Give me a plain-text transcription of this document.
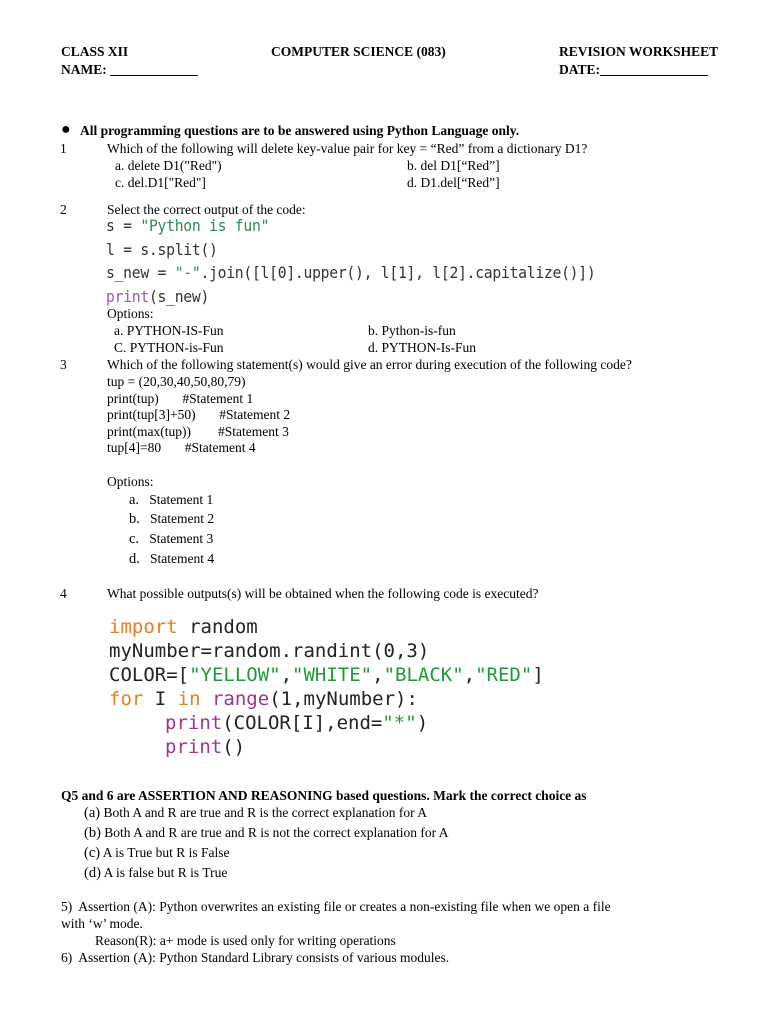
CLASS XII	COMPUTER SCIENCE (083)	REVISION WORKSHEET
NAME: _____________	DATE:________________
● All programming questions are to be answered using Python Language only.
1	Which of the following will delete key-value pair for key = “Red” from a dictionary D1?
a. delete D1("Red")	b. del D1[“Red”]
c. del.D1["Red"]	d. D1.del[“Red”]
2	Select the correct output of the code:
s = "Python is fun"
l = s.split()
s_new = "-".join([l[0].upper(), l[1], l[2].capitalize()])
print(s_new)
Options:
a. PYTHON-IS-Fun	b. Python-is-fun
C. PYTHON-is-Fun	d. PYTHON-Is-Fun
3	Which of the following statement(s) would give an error during execution of the following code?
tup = (20,30,40,50,80,79)
print(tup)       #Statement 1
print(tup[3]+50)       #Statement 2
print(max(tup))        #Statement 3
tup[4]=80       #Statement 4
Options:
a. Statement 1
b. Statement 2
c. Statement 3
d. Statement 4
4	What possible outputs(s) will be obtained when the following code is executed?
import random
myNumber=random.randint(0,3)
COLOR=["YELLOW","WHITE","BLACK","RED"]
for I in range(1,myNumber):
print(COLOR[I],end="*")
print()
Q5 and 6 are ASSERTION AND REASONING based questions. Mark the correct choice as
(a) Both A and R are true and R is the correct explanation for A
(b) Both A and R are true and R is not the correct explanation for A
(c) A is True but R is False
(d) A is false but R is True
5)  Assertion (A): Python overwrites an existing file or creates a non-existing file when we open a file
with ‘w’ mode.
Reason(R): a+ mode is used only for writing operations
6)  Assertion (A): Python Standard Library consists of various modules.
